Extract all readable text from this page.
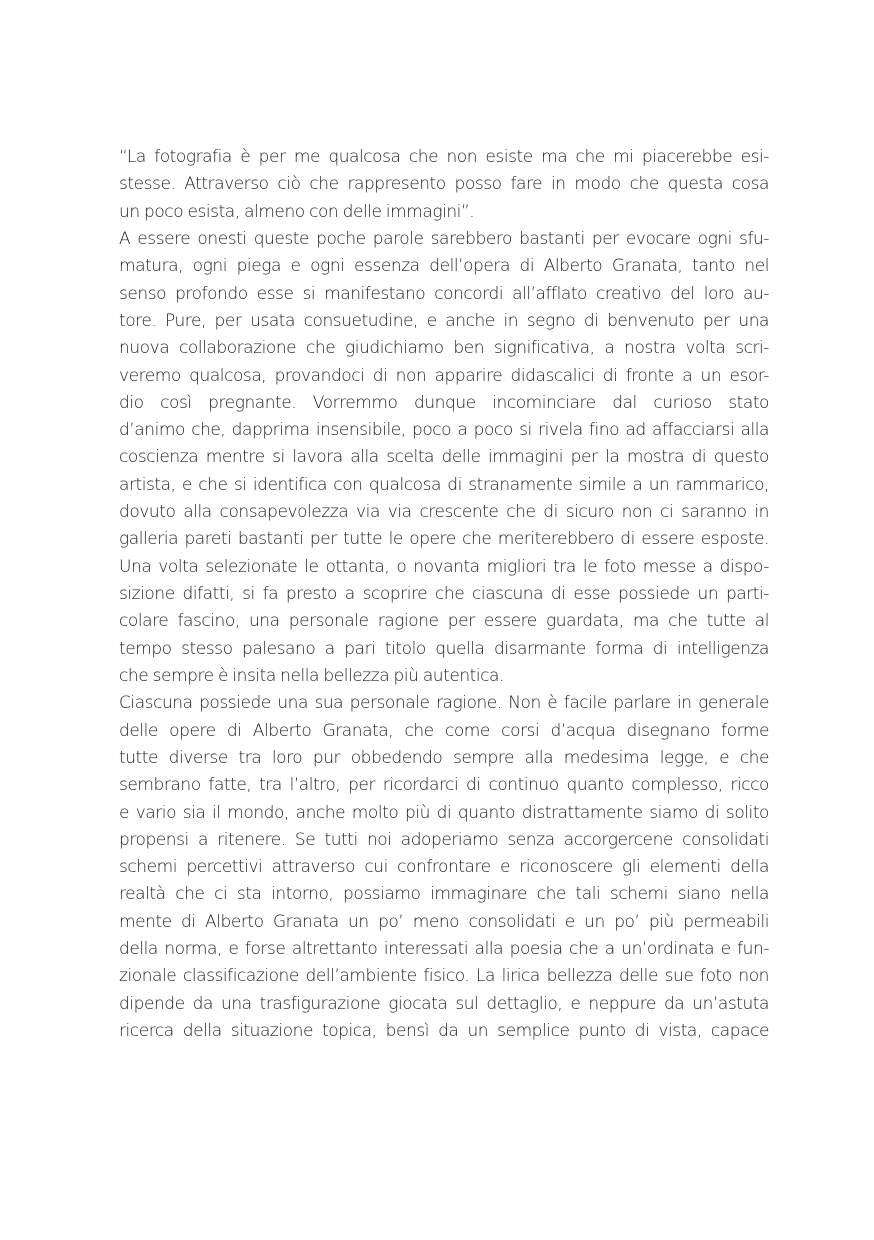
“La fotografia è per me qualcosa che non esiste ma che mi piacerebbe esi-
stesse. Attraverso ciò che rappresento posso fare in modo che questa cosa
un poco esista, almeno con delle immagini”.
A essere onesti queste poche parole sarebbero bastanti per evocare ogni sfu-
matura, ogni piega e ogni essenza dell’opera di Alberto Granata, tanto nel
senso profondo esse si manifestano concordi all’afflato creativo del loro au-
tore. Pure, per usata consuetudine, e anche in segno di benvenuto per una
nuova collaborazione che giudichiamo ben significativa, a nostra volta scri-
veremo qualcosa, provandoci di non apparire didascalici di fronte a un esor-
dio così pregnante. Vorremmo dunque incominciare dal curioso stato
d’animo che, dapprima insensibile, poco a poco si rivela fino ad affacciarsi alla
coscienza mentre si lavora alla scelta delle immagini per la mostra di questo
artista, e che si identifica con qualcosa di stranamente simile a un rammarico,
dovuto alla consapevolezza via via crescente che di sicuro non ci saranno in
galleria pareti bastanti per tutte le opere che meriterebbero di essere esposte.
Una volta selezionate le ottanta, o novanta migliori tra le foto messe a dispo-
sizione difatti, si fa presto a scoprire che ciascuna di esse possiede un parti-
colare fascino, una personale ragione per essere guardata, ma che tutte al
tempo stesso palesano a pari titolo quella disarmante forma di intelligenza
che sempre è insita nella bellezza più autentica.
Ciascuna possiede una sua personale ragione. Non è facile parlare in generale
delle opere di Alberto Granata, che come corsi d’acqua disegnano forme
tutte diverse tra loro pur obbedendo sempre alla medesima legge, e che
sembrano fatte, tra l’altro, per ricordarci di continuo quanto complesso, ricco
e vario sia il mondo, anche molto più di quanto distrattamente siamo di solito
propensi a ritenere. Se tutti noi adoperiamo senza accorgercene consolidati
schemi percettivi attraverso cui confrontare e riconoscere gli elementi della
realtà che ci sta intorno, possiamo immaginare che tali schemi siano nella
mente di Alberto Granata un po’ meno consolidati e un po’ più permeabili
della norma, e forse altrettanto interessati alla poesia che a un’ordinata e fun-
zionale classificazione dell’ambiente fisico. La lirica bellezza delle sue foto non
dipende da una trasfigurazione giocata sul dettaglio, e neppure da un’astuta
ricerca della situazione topica, bensì da un semplice punto di vista, capace
